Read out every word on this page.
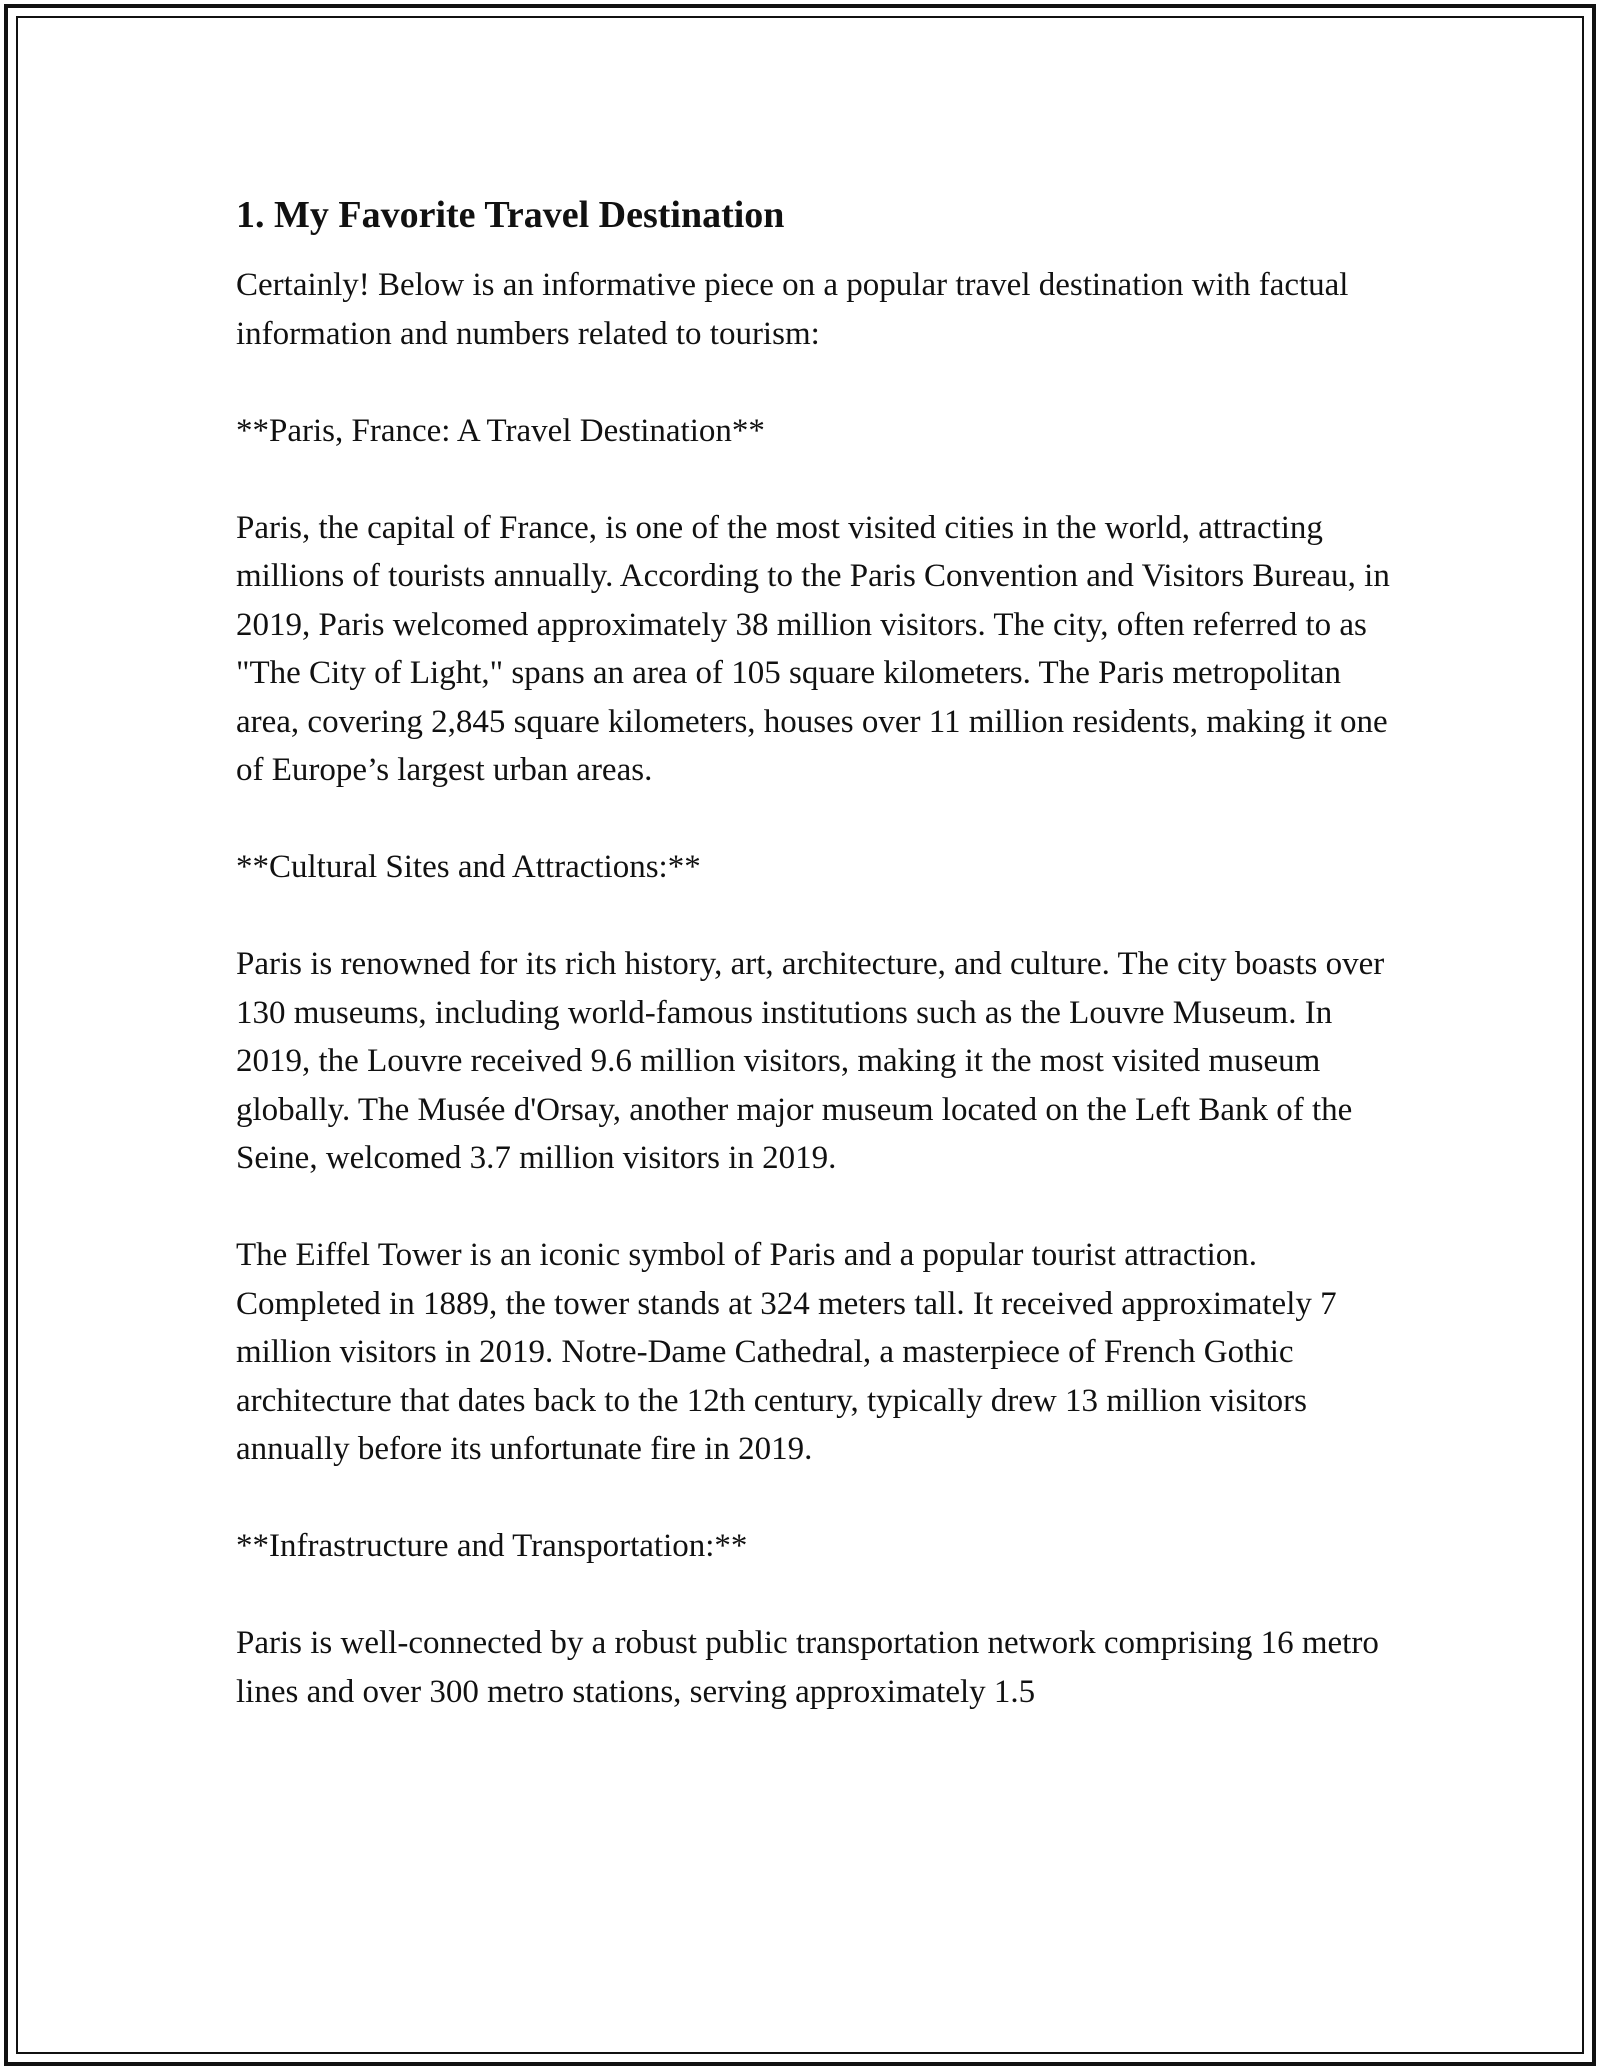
1. My Favorite Travel Destination

Certainly! Below is an informative piece on a popular travel destination with factual information and numbers related to tourism:

**Paris, France: A Travel Destination**

Paris, the capital of France, is one of the most visited cities in the world, attracting millions of tourists annually. According to the Paris Convention and Visitors Bureau, in 2019, Paris welcomed approximately 38 million visitors. The city, often referred to as "The City of Light," spans an area of 105 square kilometers. The Paris metropolitan area, covering 2,845 square kilometers, houses over 11 million residents, making it one of Europe’s largest urban areas.

**Cultural Sites and Attractions:**

Paris is renowned for its rich history, art, architecture, and culture. The city boasts over 130 museums, including world-famous institutions such as the Louvre Museum. In 2019, the Louvre received 9.6 million visitors, making it the most visited museum globally. The Musée d'Orsay, another major museum located on the Left Bank of the Seine, welcomed 3.7 million visitors in 2019.

The Eiffel Tower is an iconic symbol of Paris and a popular tourist attraction. Completed in 1889, the tower stands at 324 meters tall. It received approximately 7 million visitors in 2019. Notre-Dame Cathedral, a masterpiece of French Gothic architecture that dates back to the 12th century, typically drew 13 million visitors annually before its unfortunate fire in 2019.

**Infrastructure and Transportation:**

Paris is well-connected by a robust public transportation network comprising 16 metro lines and over 300 metro stations, serving approximately 1.5
